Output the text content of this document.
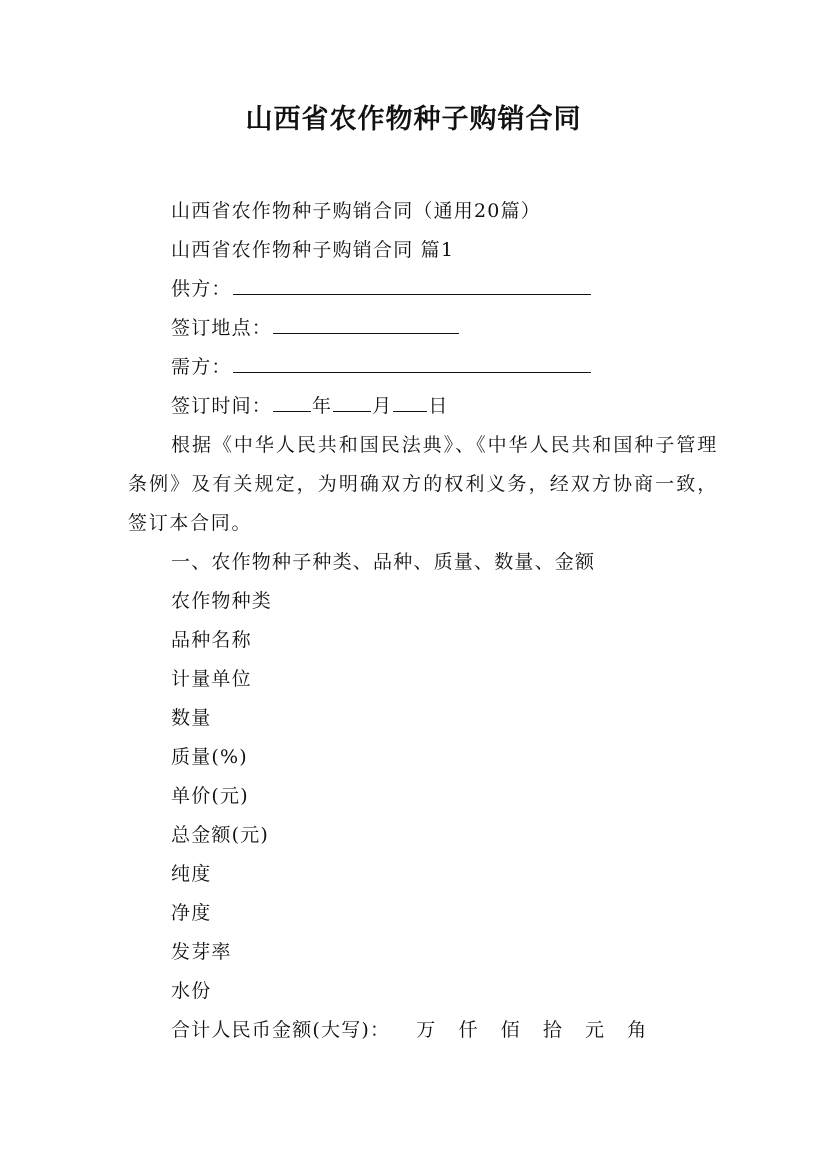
山西省农作物种子购销合同
山西省农作物种子购销合同（通用20篇）
山西省农作物种子购销合同 篇1
供方：
签订地点：
需方：
签订时间： 年 月 日
根据《中华人民共和国民法典》、《中华人民共和国种子管理条例》及有关规定，为明确双方的权利义务，经双方协商一致，签订本合同。
一、农作物种子种类、品种、质量、数量、金额
农作物种类
品种名称
计量单位
数量
质量(%)
单价(元)
总金额(元)
纯度
净度
发芽率
水份
合计人民币金额(大写)： 万 仟 佰 拾 元 角
